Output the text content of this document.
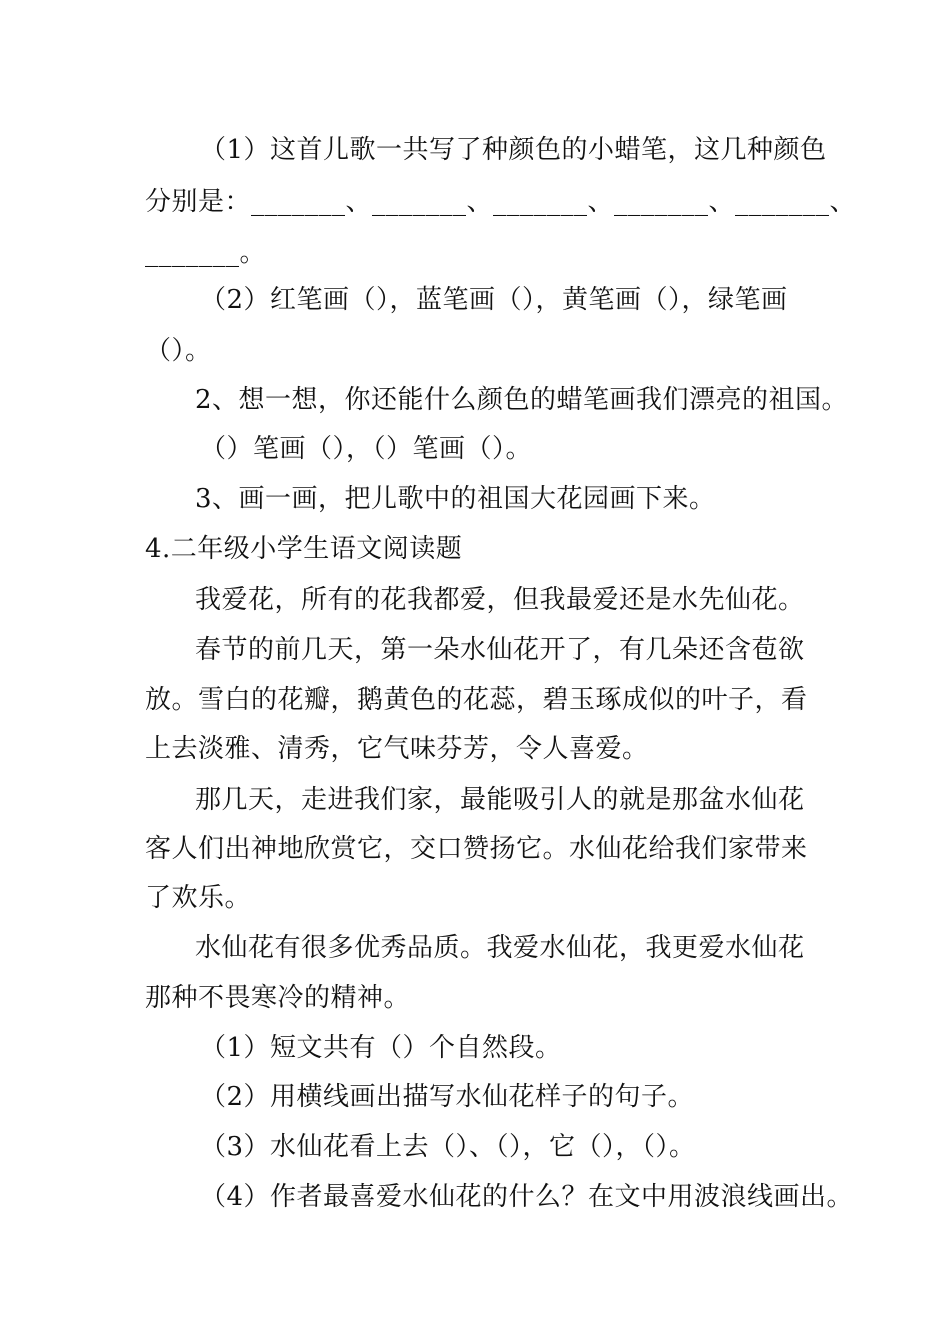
（1）这首儿歌一共写了种颜色的小蜡笔，这几种颜色
分别是：_______、_______、_______、_______、_______、
_______。
（2）红笔画（），蓝笔画（），黄笔画（），绿笔画
（）。
2、想一想，你还能什么颜色的蜡笔画我们漂亮的祖国。
（）笔画（），（）笔画（）。
3、画一画，把儿歌中的祖国大花园画下来。
4.二年级小学生语文阅读题
我爱花，所有的花我都爱，但我最爱还是水先仙花。
春节的前几天，第一朵水仙花开了，有几朵还含苞欲
放。雪白的花瓣，鹅黄色的花蕊，碧玉琢成似的叶子，看
上去淡雅、清秀，它气味芬芳，令人喜爱。
那几天，走进我们家，最能吸引人的就是那盆水仙花
客人们出神地欣赏它，交口赞扬它。水仙花给我们家带来
了欢乐。
水仙花有很多优秀品质。我爱水仙花，我更爱水仙花
那种不畏寒冷的精神。
（1）短文共有（）个自然段。
（2）用横线画出描写水仙花样子的句子。
（3）水仙花看上去（）、（），它（），（）。
（4）作者最喜爱水仙花的什么？在文中用波浪线画出。
